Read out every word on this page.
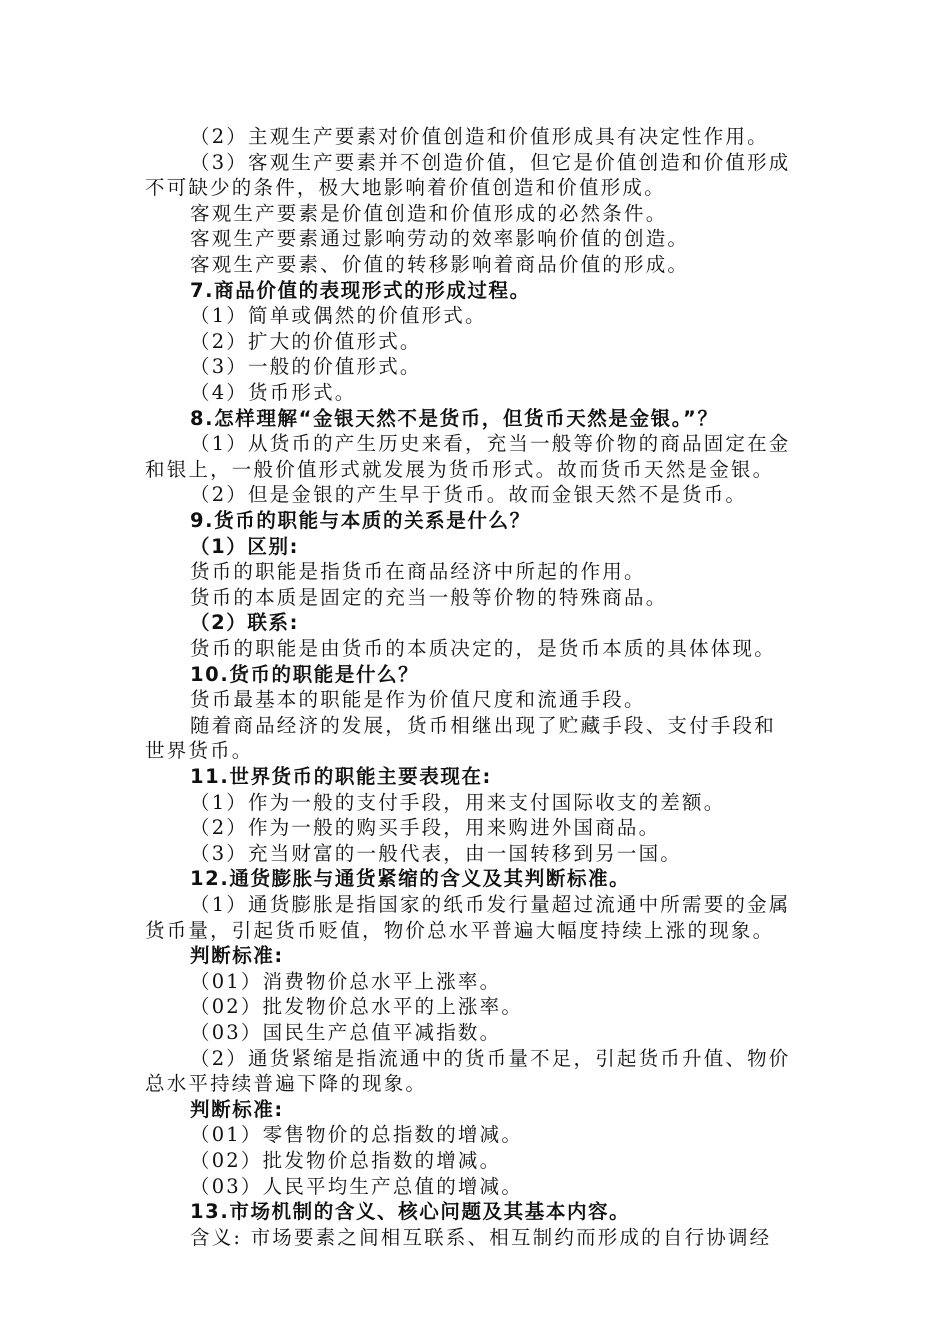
（2）主观生产要素对价值创造和价值形成具有决定性作用。
（3）客观生产要素并不创造价值，但它是价值创造和价值形成
不可缺少的条件，极大地影响着价值创造和价值形成。
客观生产要素是价值创造和价值形成的必然条件。
客观生产要素通过影响劳动的效率影响价值的创造。
客观生产要素、价值的转移影响着商品价值的形成。
7.商品价值的表现形式的形成过程。
（1）简单或偶然的价值形式。
（2）扩大的价值形式。
（3）一般的价值形式。
（4）货币形式。
8.怎样理解“金银天然不是货币，但货币天然是金银。”？
（1）从货币的产生历史来看，充当一般等价物的商品固定在金
和银上，一般价值形式就发展为货币形式。故而货币天然是金银。
（2）但是金银的产生早于货币。故而金银天然不是货币。
9.货币的职能与本质的关系是什么？
（1）区别:
货币的职能是指货币在商品经济中所起的作用。
货币的本质是固定的充当一般等价物的特殊商品。
（2）联系:
货币的职能是由货币的本质决定的，是货币本质的具体体现。
10.货币的职能是什么？
货币最基本的职能是作为价值尺度和流通手段。
随着商品经济的发展，货币相继出现了贮藏手段、支付手段和
世界货币。
11.世界货币的职能主要表现在:
（1）作为一般的支付手段，用来支付国际收支的差额。
（2）作为一般的购买手段，用来购进外国商品。
（3）充当财富的一般代表，由一国转移到另一国。
12.通货膨胀与通货紧缩的含义及其判断标准。
（1）通货膨胀是指国家的纸币发行量超过流通中所需要的金属
货币量，引起货币贬值，物价总水平普遍大幅度持续上涨的现象。
判断标准:
（01）消费物价总水平上涨率。
（02）批发物价总水平的上涨率。
（03）国民生产总值平减指数。
（2）通货紧缩是指流通中的货币量不足，引起货币升值、物价
总水平持续普遍下降的现象。
判断标准:
（01）零售物价的总指数的增减。
（02）批发物价总指数的增减。
（03）人民平均生产总值的增减。
13.市场机制的含义、核心问题及其基本内容。
含义: 市场要素之间相互联系、相互制约而形成的自行协调经
